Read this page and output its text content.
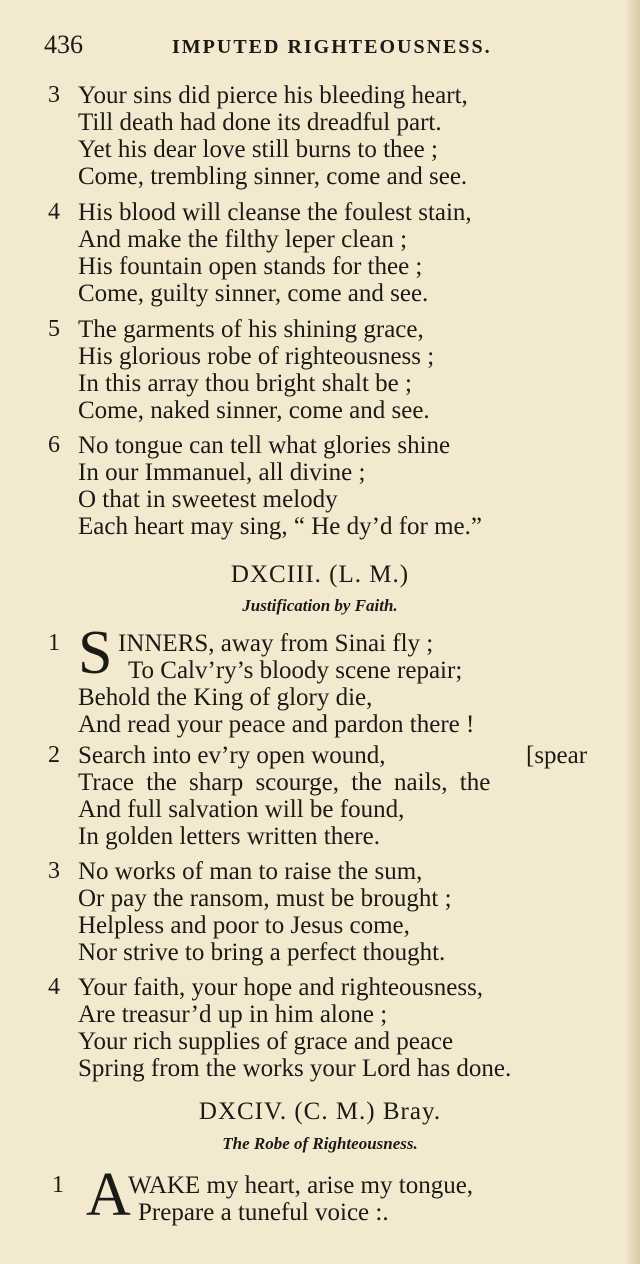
436	IMPUTED RIGHTEOUSNESS.
3 Your sins did pierce his bleeding heart,
Till death had done its dreadful part.
Yet his dear love still burns to thee ;
Come, trembling sinner, come and see.
4 His blood will cleanse the foulest stain,
And make the filthy leper clean ;
His fountain open stands for thee ;
Come, guilty sinner, come and see.
5 The garments of his shining grace,
His glorious robe of righteousness ;
In this array thou bright shalt be ;
Come, naked sinner, come and see.
6 No tongue can tell what glories shine
In our Immanuel, all divine ;
O that in sweetest melody
Each heart may sing, “ He dy’d for me.”
DXCIII. (L. M.)
Justification by Faith.
1 S INNERS, away from Sinai fly ;
To Calv’ry’s bloody scene repair;
Behold the King of glory die,
And read your peace and pardon there !
2 Search into ev’ry open wound,	[spear
Trace the sharp scourge, the nails, the
And full salvation will be found,
In golden letters written there.
3 No works of man to raise the sum,
Or pay the ransom, must be brought ;
Helpless and poor to Jesus come,
Nor strive to bring a perfect thought.
4 Your faith, your hope and righteousness,
Are treasur’d up in him alone ;
Your rich supplies of grace and peace
Spring from the works your Lord has done.
DXCIV. (C. M.) Bray.
The Robe of Righteousness.
1 A
WAKE my heart, arise my tongue,
Prepare a tuneful voice :.
